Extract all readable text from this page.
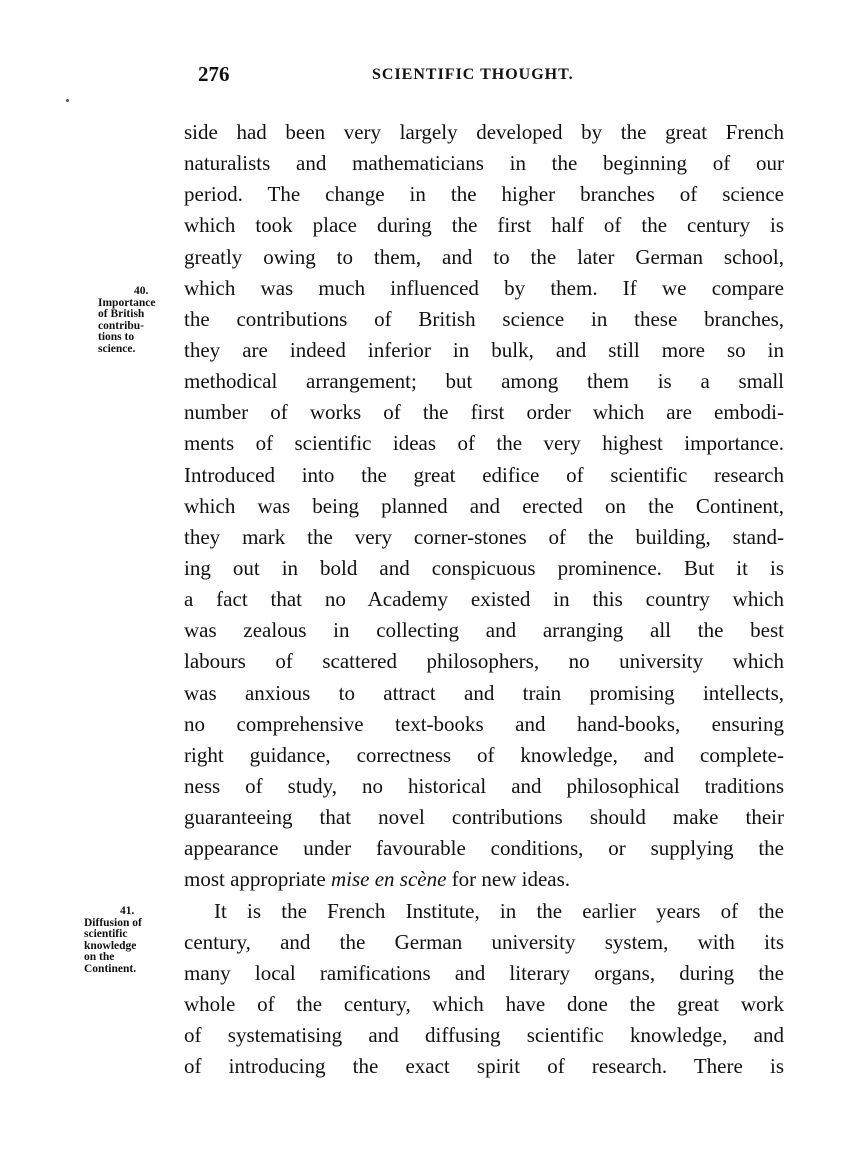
276	SCIENTIFIC THOUGHT.
40.
Importance
of British
contribu-
tions to
science.
41.
Diffusion of
scientific
knowledge
on the
Continent.
side had been very largely developed by the great French
naturalists and mathematicians in the beginning of our
period. The change in the higher branches of science
which took place during the first half of the century is
greatly owing to them, and to the later German school,
which was much influenced by them. If we compare
the contributions of British science in these branches,
they are indeed inferior in bulk, and still more so in
methodical arrangement; but among them is a small
number of works of the first order which are embodi-
ments of scientific ideas of the very highest importance.
Introduced into the great edifice of scientific research
which was being planned and erected on the Continent,
they mark the very corner-stones of the building, stand-
ing out in bold and conspicuous prominence. But it is
a fact that no Academy existed in this country which
was zealous in collecting and arranging all the best
labours of scattered philosophers, no university which
was anxious to attract and train promising intellects,
no comprehensive text-books and hand-books, ensuring
right guidance, correctness of knowledge, and complete-
ness of study, no historical and philosophical traditions
guaranteeing that novel contributions should make their
appearance under favourable conditions, or supplying the
most appropriate mise en scène for new ideas.
It is the French Institute, in the earlier years of the
century, and the German university system, with its
many local ramifications and literary organs, during the
whole of the century, which have done the great work
of systematising and diffusing scientific knowledge, and
of introducing the exact spirit of research. There is
